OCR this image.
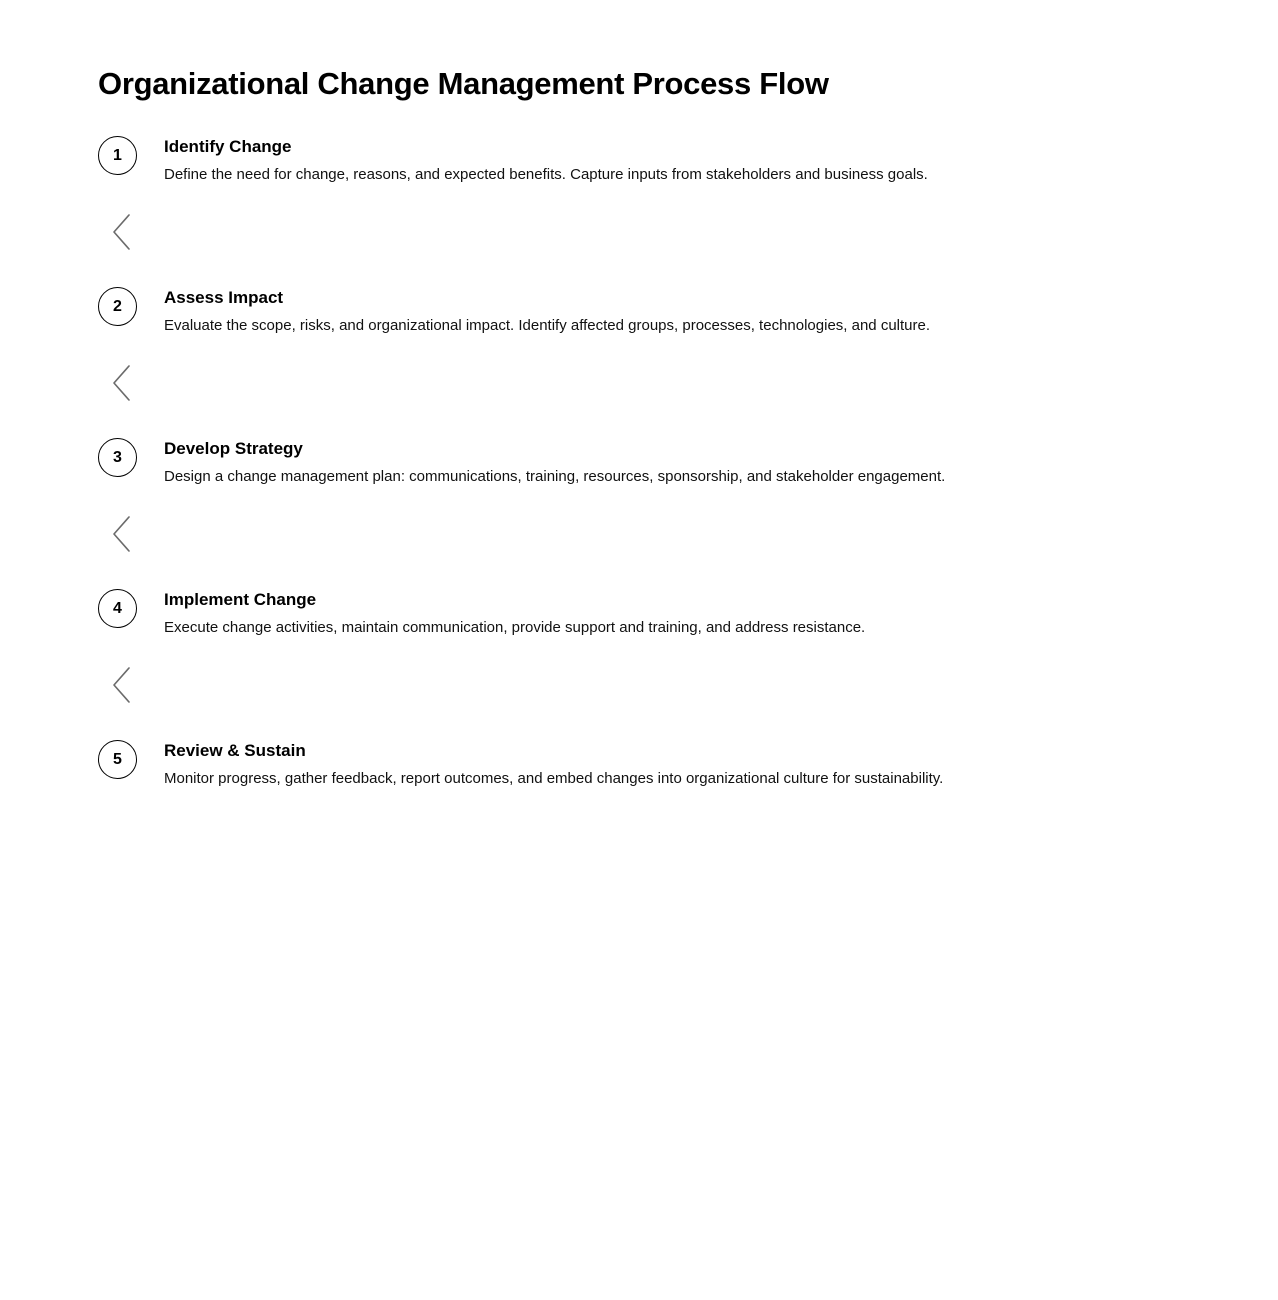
Organizational Change Management Process Flow
1	Identify Change
Define the need for change, reasons, and expected benefits. Capture inputs from stakeholders and business goals.
2	Assess Impact
Evaluate the scope, risks, and organizational impact. Identify affected groups, processes, technologies, and culture.
3	Develop Strategy
Design a change management plan: communications, training, resources, sponsorship, and stakeholder engagement.
4	Implement Change
Execute change activities, maintain communication, provide support and training, and address resistance.
5	Review & Sustain
Monitor progress, gather feedback, report outcomes, and embed changes into organizational culture for sustainability.
